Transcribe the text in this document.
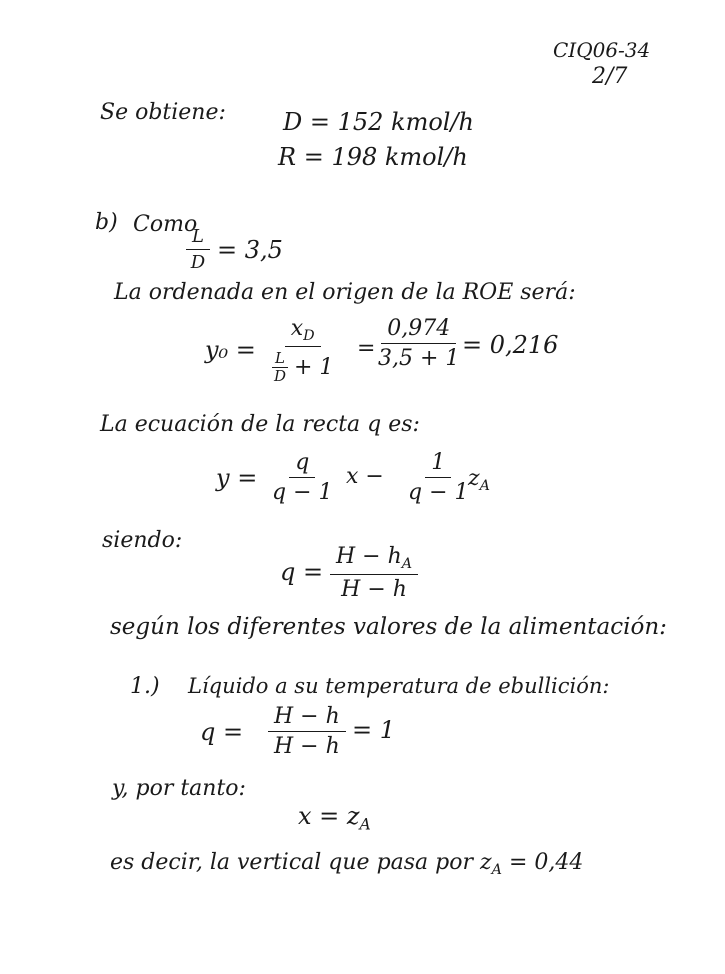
CIQ06-34
2/7
Se obtiene: D = 152 kmol/h
R = 198 kmol/h
b) Como
$\frac{L}{D} = 3,5$
La ordenada en el origen de la ROE será:
$y_0 = \frac{x_D}{\frac{L}{D} + 1} = \frac{0,974}{3,5 + 1} = 0,216$
La ecuación de la recta q es:
$y = \frac{q}{q - 1}$ $x - \frac{1}{q - 1} z_A$
siendo:
$q = \frac{H - h_A}{H - h}$
según los diferentes valores de la alimentación:
1.) Líquido a su temperatura de ebullición:
$q = \frac{H - h}{H - h} = 1$
y, por tanto:
$x = z_A$
es decir, la vertical que pasa por $z_A = 0,44$
